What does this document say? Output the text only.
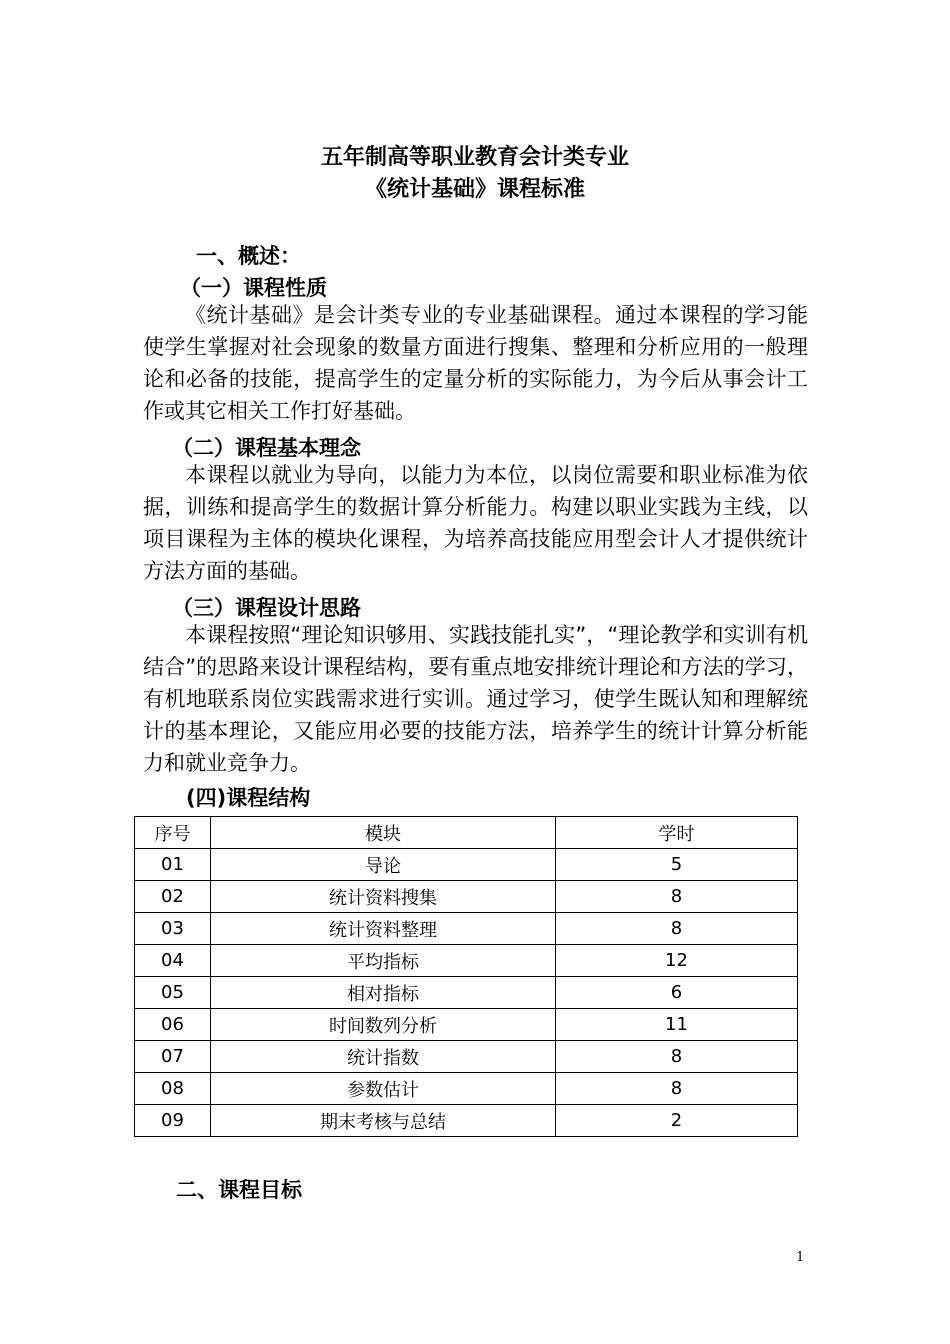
五年制高等职业教育会计类专业
《统计基础》课程标准
一、概述：
（一）课程性质

《统计基础》是会计类专业的专业基础课程。通过本课程的学习能使学生掌握对社会现象的数量方面进行搜集、整理和分析应用的一般理论和必备的技能，提高学生的定量分析的实际能力，为今后从事会计工作或其它相关工作打好基础。

（二）课程基本理念

本课程以就业为导向，以能力为本位，以岗位需要和职业标准为依据，训练和提高学生的数据计算分析能力。构建以职业实践为主线，以项目课程为主体的模块化课程，为培养高技能应用型会计人才提供统计方法方面的基础。

（三）课程设计思路

本课程按照“理论知识够用、实践技能扎实”，“理论教学和实训有机结合”的思路来设计课程结构，要有重点地安排统计理论和方法的学习，有机地联系岗位实践需求进行实训。通过学习，使学生既认知和理解统计的基本理论，又能应用必要的技能方法，培养学生的统计计算分析能力和就业竞争力。

(四)课程结构
序号	模块	学时
01	导论	5
02	统计资料搜集	8
03	统计资料整理	8
04	平均指标	12
05	相对指标	6
06	时间数列分析	11
07	统计指数	8
08	参数估计	8
09	期末考核与总结	2
二、课程目标
1
